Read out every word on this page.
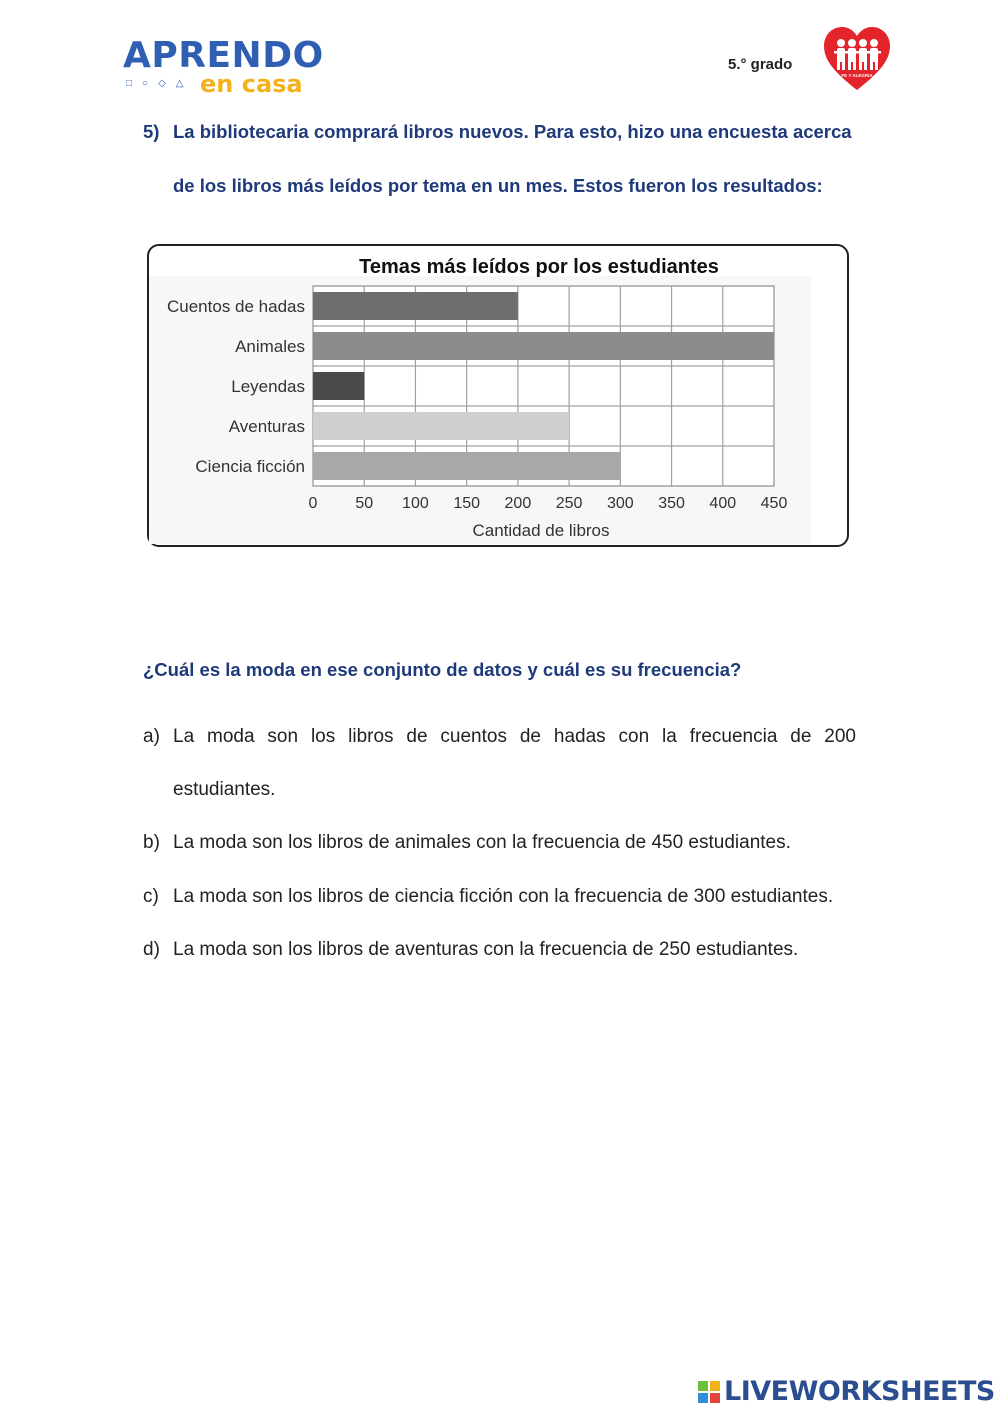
APRENDO
□○◇△ en casa
5.° grado
FE Y ALEGRIA
5) La bibliotecaria comprará libros nuevos. Para esto, hizo una encuesta acerca
de los libros más leídos por tema en un mes. Estos fueron los resultados:
0 50 100 150 200 250 300 350 400 450
Cuentos de hadas
Animales
Leyendas
Aventuras
Ciencia ficción
Temas más leídos por los estudiantes
Cantidad de libros
¿Cuál es la moda en ese conjunto de datos y cuál es su frecuencia?
a) La moda son los libros de cuentos de hadas con la frecuencia de 200
estudiantes.
b) La moda son los libros de animales con la frecuencia de 450 estudiantes.
c) La moda son los libros de ciencia ficción con la frecuencia de 300 estudiantes.
d) La moda son los libros de aventuras con la frecuencia de 250 estudiantes.
LIVEWORKSHEETS
